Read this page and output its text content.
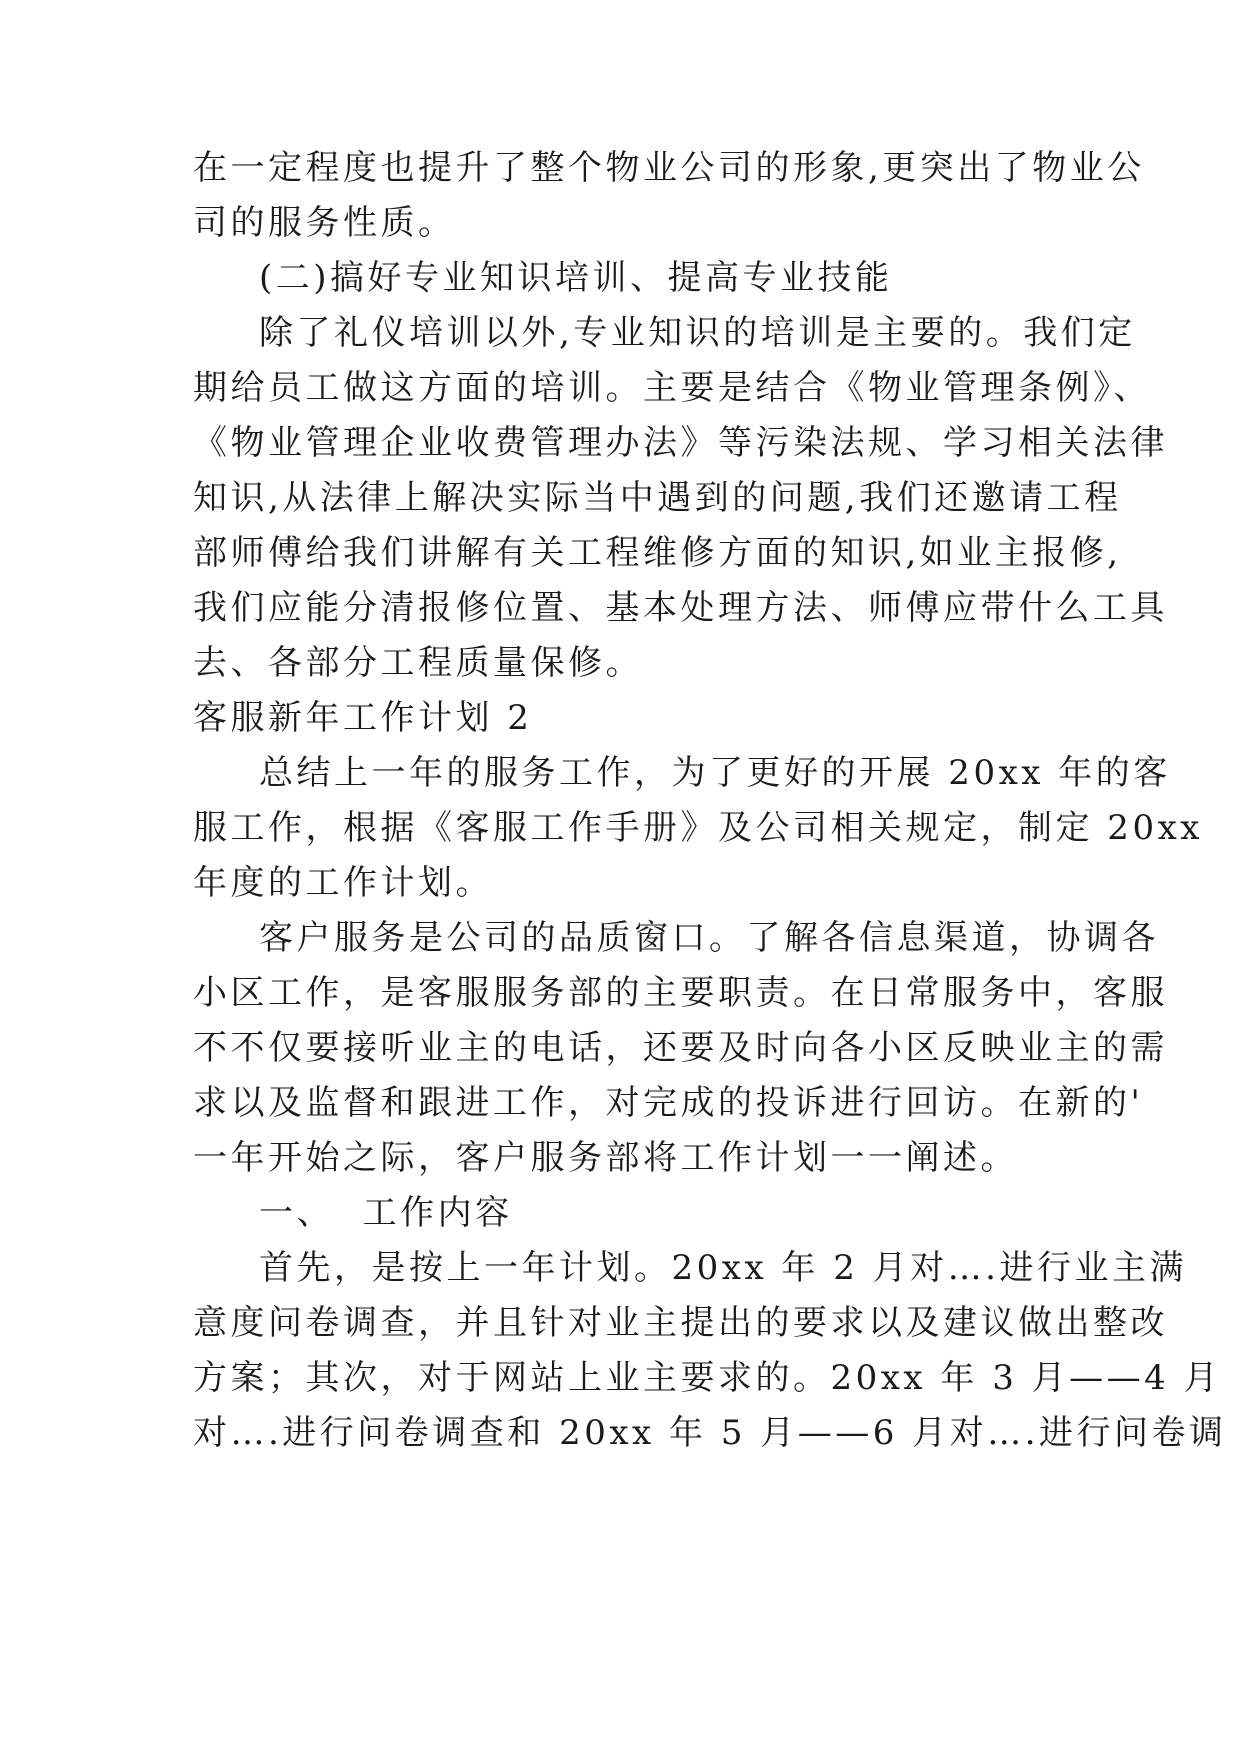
在一定程度也提升了整个物业公司的形象,更突出了物业公
司的服务性质。
(二)搞好专业知识培训、提高专业技能
除了礼仪培训以外,专业知识的培训是主要的。我们定
期给员工做这方面的培训。主要是结合《物业管理条例》、
《物业管理企业收费管理办法》等污染法规、学习相关法律
知识,从法律上解决实际当中遇到的问题,我们还邀请工程
部师傅给我们讲解有关工程维修方面的知识,如业主报修,
我们应能分清报修位置、基本处理方法、师傅应带什么工具
去、各部分工程质量保修。
客服新年工作计划 2
总结上一年的服务工作，为了更好的开展 20xx 年的客
服工作，根据《客服工作手册》及公司相关规定，制定 20xx
年度的工作计划。
客户服务是公司的品质窗口。了解各信息渠道，协调各
小区工作，是客服服务部的主要职责。在日常服务中，客服
不不仅要接听业主的电话，还要及时向各小区反映业主的需
求以及监督和跟进工作，对完成的投诉进行回访。在新的'
一年开始之际，客户服务部将工作计划一一阐述。
一、  工作内容
首先，是按上一年计划。20xx 年 2 月对….进行业主满
意度问卷调查，并且针对业主提出的要求以及建议做出整改
方案；其次，对于网站上业主要求的。20xx 年 3 月——4 月
对….进行问卷调查和 20xx 年 5 月——6 月对….进行问卷调
